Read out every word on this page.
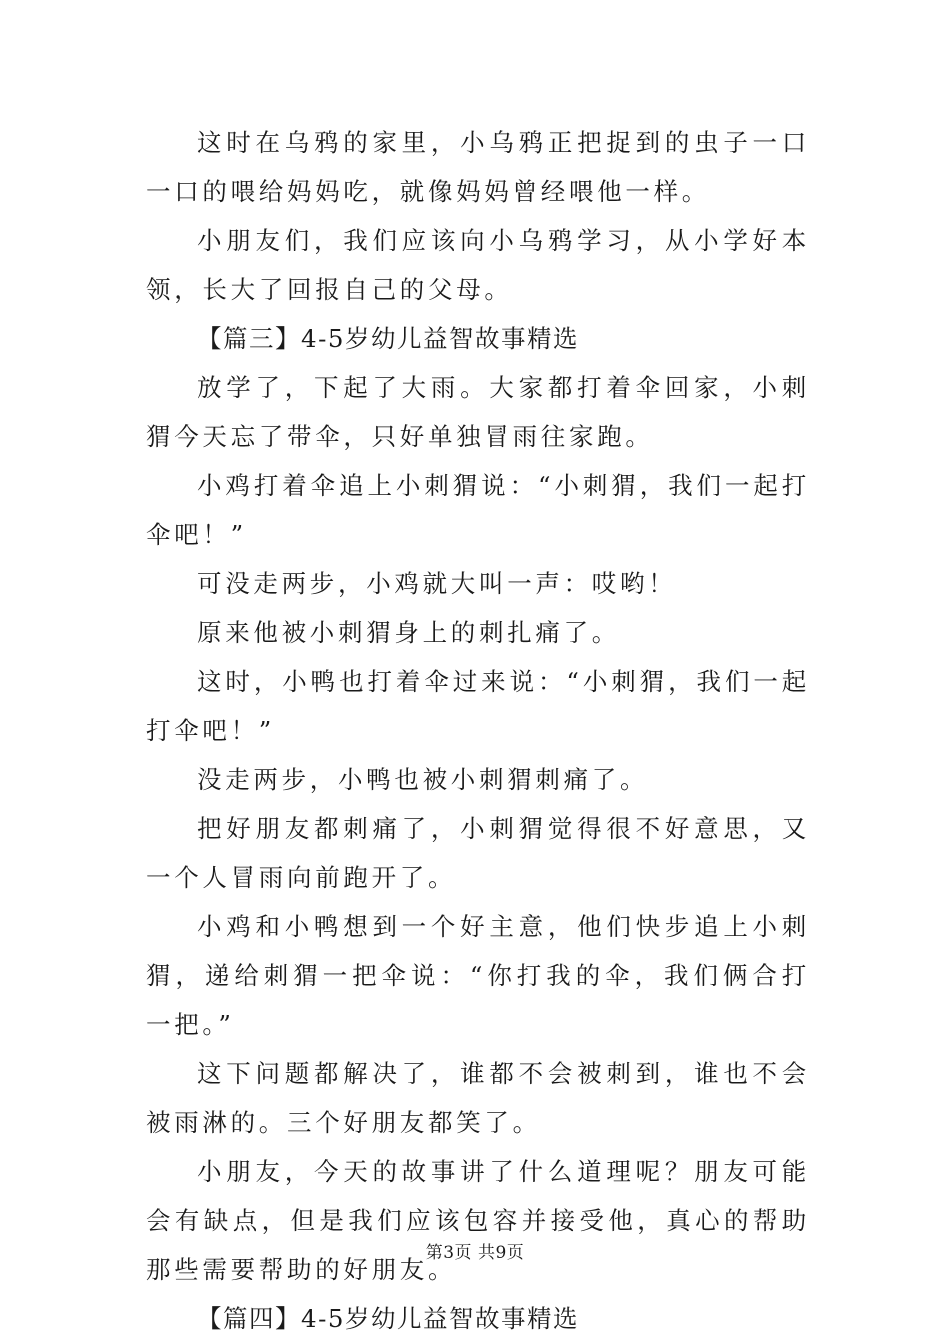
这时在乌鸦的家里，小乌鸦正把捉到的虫子一口一口的喂给妈妈吃，就像妈妈曾经喂他一样。

小朋友们，我们应该向小乌鸦学习，从小学好本领，长大了回报自己的父母。

【篇三】4-5岁幼儿益智故事精选

放学了，下起了大雨。大家都打着伞回家，小刺猬今天忘了带伞，只好单独冒雨往家跑。

小鸡打着伞追上小刺猬说：“小刺猬，我们一起打伞吧！”

可没走两步，小鸡就大叫一声：哎哟！

原来他被小刺猬身上的刺扎痛了。

这时，小鸭也打着伞过来说：“小刺猬，我们一起打伞吧！”

没走两步，小鸭也被小刺猬刺痛了。

把好朋友都刺痛了，小刺猬觉得很不好意思，又一个人冒雨向前跑开了。

小鸡和小鸭想到一个好主意，他们快步追上小刺猬，递给刺猬一把伞说：“你打我的伞，我们俩合打一把。”

这下问题都解决了，谁都不会被刺到，谁也不会被雨淋的。三个好朋友都笑了。

小朋友，今天的故事讲了什么道理呢？朋友可能会有缺点，但是我们应该包容并接受他，真心的帮助那些需要帮助的好朋友。

【篇四】4-5岁幼儿益智故事精选

第3页 共9页
